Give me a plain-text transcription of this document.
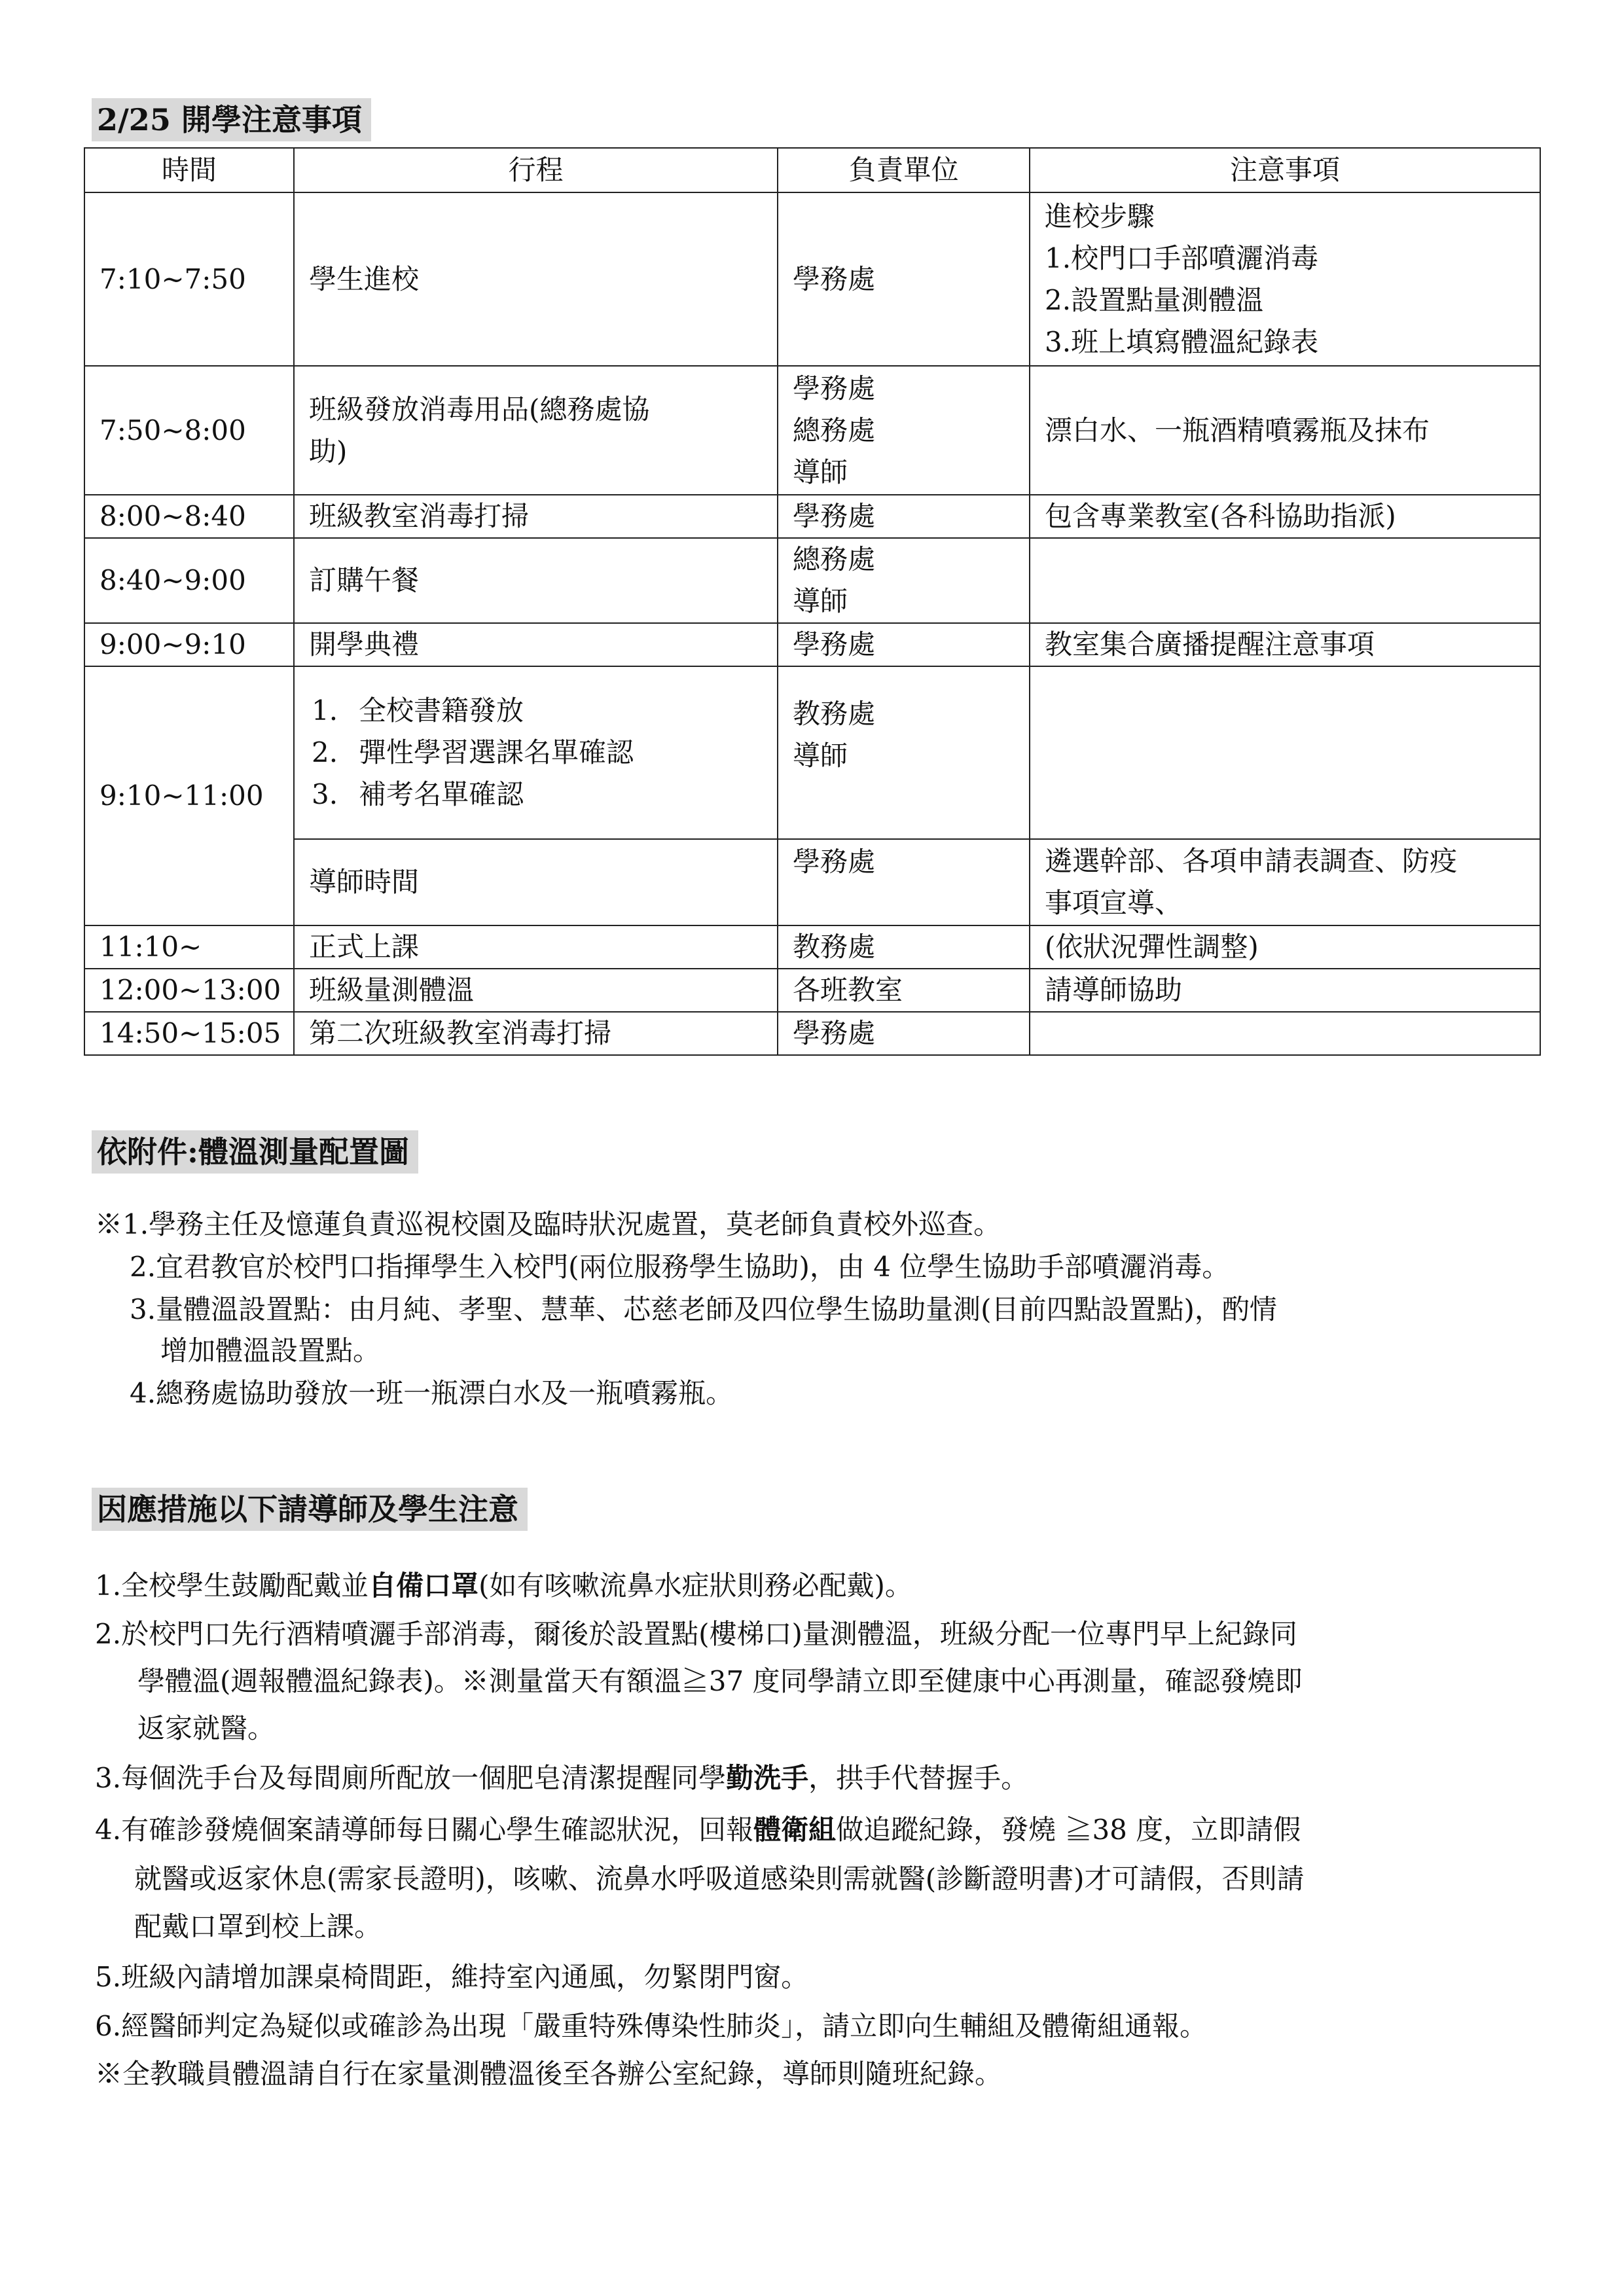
2/25 開學注意事項
時間	行程	負責單位	注意事項
7:10~7:50	學生進校	學務處	進校步驟
1.校門口手部噴灑消毒
2.設置點量測體溫
3.班上填寫體溫紀錄表

7:50~8:00	班級發放消毒用品(總務處協
助)	學務處
總務處
導師	漂白水、一瓶酒精噴霧瓶及抹布

8:00~8:40	班級教室消毒打掃	學務處	包含專業教室(各科協助指派)

8:40~9:00	訂購午餐	總務處
導師	

9:00~9:10	開學典禮	學務處	教室集合廣播提醒注意事項

9:10~11:00	1. 全校書籍發放
2. 彈性學習選課名單確認
3. 補考名單確認	教務處
導師	

	導師時間	學務處	遴選幹部、各項申請表調查、防疫
事項宣導、

11:10~	正式上課	教務處	(依狀況彈性調整)

12:00~13:00	班級量測體溫	各班教室	請導師協助

14:50~15:05	第二次班級教室消毒打掃	學務處	

依附件:體溫測量配置圖
※1.學務主任及憶蓮負責巡視校園及臨時狀況處置，莫老師負責校外巡查。
2.宜君教官於校門口指揮學生入校門(兩位服務學生協助)，由 4 位學生協助手部噴灑消毒。
3.量體溫設置點：由月純、孝聖、慧華、芯慈老師及四位學生協助量測(目前四點設置點)，酌情
增加體溫設置點。
4.總務處協助發放一班一瓶漂白水及一瓶噴霧瓶。
因應措施以下請導師及學生注意
1.全校學生鼓勵配戴並自備口罩(如有咳嗽流鼻水症狀則務必配戴)。
2.於校門口先行酒精噴灑手部消毒，爾後於設置點(樓梯口)量測體溫，班級分配一位專門早上紀錄同
學體溫(週報體溫紀錄表)。※測量當天有額溫≧37 度同學請立即至健康中心再測量，確認發燒即
返家就醫。
3.每個洗手台及每間廁所配放一個肥皂清潔提醒同學勤洗手，拱手代替握手。
4.有確診發燒個案請導師每日關心學生確認狀況，回報體衛組做追蹤紀錄，發燒 ≧38 度，立即請假
就醫或返家休息(需家長證明)，咳嗽、流鼻水呼吸道感染則需就醫(診斷證明書)才可請假，否則請
配戴口罩到校上課。
5.班級內請增加課桌椅間距，維持室內通風，勿緊閉門窗。
6.經醫師判定為疑似或確診為出現「嚴重特殊傳染性肺炎」，請立即向生輔組及體衛組通報。
※全教職員體溫請自行在家量測體溫後至各辦公室紀錄，導師則隨班紀錄。
